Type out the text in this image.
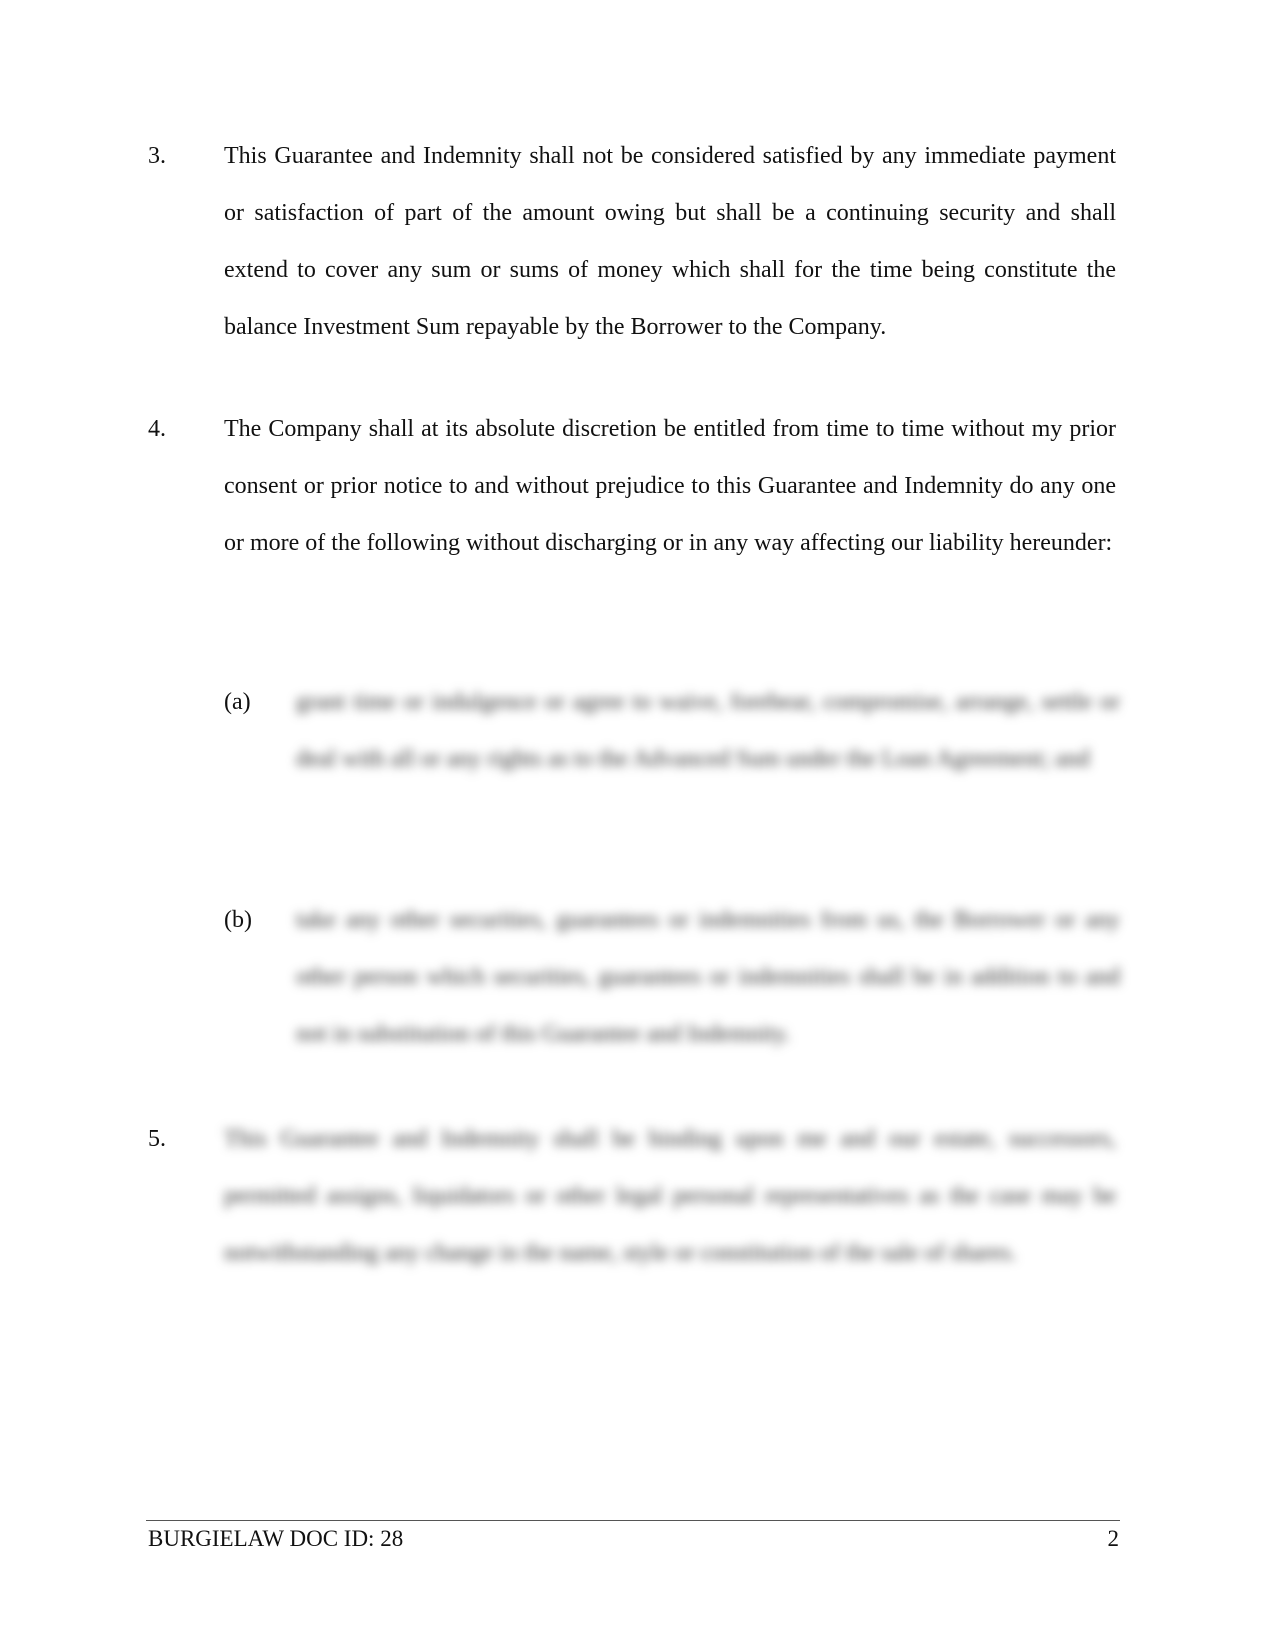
3. This Guarantee and Indemnity shall not be considered satisfied by any immediate payment or satisfaction of part of the amount owing but shall be a continuing security and shall extend to cover any sum or sums of money which shall for the time being constitute the balance Investment Sum repayable by the Borrower to the Company.
4. The Company shall at its absolute discretion be entitled from time to time without my prior consent or prior notice to and without prejudice to this Guarantee and Indemnity do any one or more of the following without discharging or in any way affecting our liability hereunder:
(a) grant time or indulgence or agree to waive, forebear, compromise, arrange, settle or deal with all or any rights as to the Advanced Sum under the Loan Agreement; and
(b) take any other securities, guarantees or indemnities from us, the Borrower or any other person which securities, guarantees or indemnities shall be in addition to and not in substitution of this Guarantee and Indemnity.
5. This Guarantee and Indemnity shall be binding upon me and our estate, successors, permitted assigns, liquidators or other legal personal representatives as the case may be notwithstanding any change in the name, style or constitution of the sale of shares.
BURGIELAW DOC ID: 28	2
